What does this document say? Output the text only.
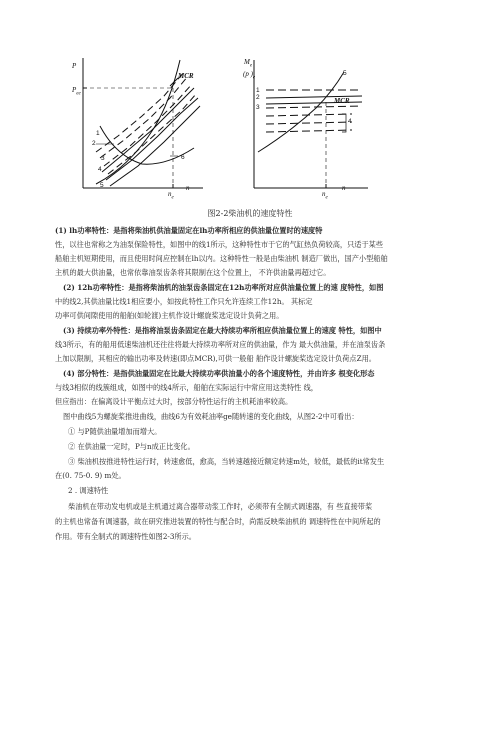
P
$P_{ee}$
MCR
1
2
3
4
5
6
$n_e$
n
$M_e$
(p )$_e$
5
1
2
3
MCR
4
$n_e$
n
图2-2柴油机的速度特性
(1) lh功率特性：是指将柴油机供油量固定在lh功率所相应的供油量位置时的速度特
性，以往也常称之为油泵保险特性，如图中的线1所示，这种特性市于它的气缸热负荷较高，只适于某些
船舶主机短期使用，而且使用时间应控制在lh以内。这种特性一般是由柴油机 制造厂做出，国产小型船舶
主机的最大供油量，也常依靠油泵齿条将其限制在这个位置上， 不许供油量再超过它。
(2) 12h功率特性：是指将柴油机的油泵齿条固定在12h功率所对应供油量位置上的速 度特性，如图
中的线2,其供油量比线1相应要小，如按此特性工作只允许连续工作12h。 其标定
功率可供间隙使用的船舶(如轮渡)主机作设计螺旋桨选定设计负荷之用。
(3) 持续功率外特性：是指将油泵齿条固定在最大持续功率所相应供油量位置上的速度 特性，如图中
线3所示，有的船用低速柴油机还往往将最大持续功率所对应的供油量，作为 最大供油量，并在油泵齿条
上加以限制，其相应的输出功率及转速(即点MCR),可供一般船 舶作设计螺旋桨选定设计负荷点Z用。
(4) 部分特性：是指供油量固定在比最大持续功率供油量小的各个速度特性，并由许多 根变化形态
与线3相似的线簇组成，如图中的线4所示，船舶在实际运行中常应用这类特性 线，
但应指出：在偏离设计平衡点过大时，按部分特性运行的主机耗油率较高。
图中曲线5为螺旋桨推进曲线，曲线6为有效耗油率ge随转速的变化曲线，从图2-2中可看出：
① 与P随供油量增加而增大。
② 在供油量一定时，P与n成正比变化。
③ 柴油机按推进特性运行时，转速愈低，愈高，当转速越接近额定转速m处，较低，最低的it常发生
在(0. 75-0. 9) m处。
2 . 调速特性
柴油机在带动发电机或是主机通过离合器带动浆工作时，必须带有全制式调速器，有 些直接带桨
的主机也常备有调速器，故在研究推进装置的特性与配合时，尚需反映柴油机的 调速特性在中间所起的
作用。带有全制式的调速特性如图2-3所示。
